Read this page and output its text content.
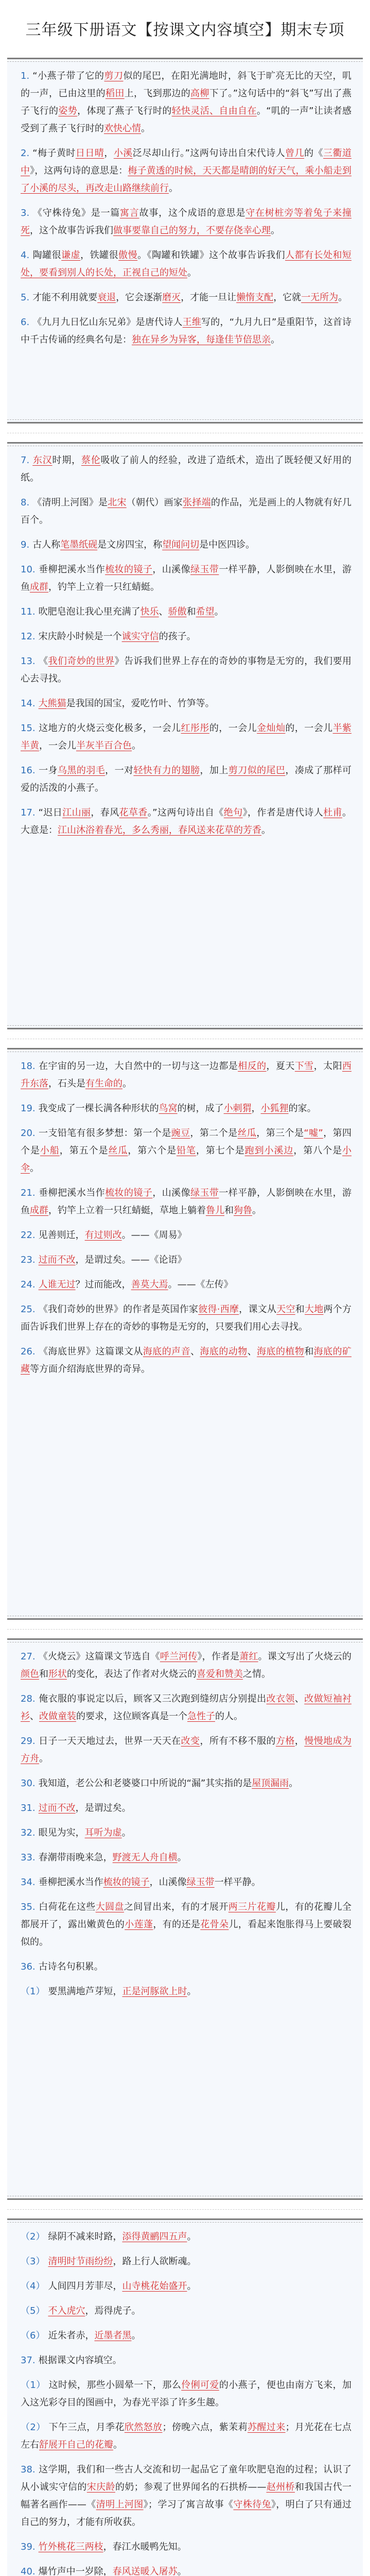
三年级下册语文【按课文内容填空】期末专项

1. “小燕子带了它的剪刀似的尾巴，在阳光满地时，斜飞于旷亮无比的天空，叽的一声，已由这里的稻田上，飞到那边的高柳下了。”这句话中的“斜飞”写出了燕子飞行的姿势，体现了燕子飞行时的轻快灵活、自由自在。“叽的一声”让读者感受到了燕子飞行时的欢快心情。

2. “梅子黄时日日晴，小溪泛尽却山行。”这两句诗出自宋代诗人曾几的《三衢道中》，这两句诗的意思是：梅子黄透的时候，天天都是晴朗的好天气，乘小船走到了小溪的尽头，再改走山路继续前行。

3. 《守株待兔》是一篇寓言故事，这个成语的意思是守在树桩旁等着兔子来撞死，这个故事告诉我们做事要靠自己的努力，不要存侥幸心理。

4. 陶罐很谦虚，铁罐很傲慢。《陶罐和铁罐》这个故事告诉我们人都有长处和短处，要看到别人的长处，正视自己的短处。

5. 才能不利用就要衰退，它会逐渐磨灭，才能一旦让懒惰支配，它就一无所为。

6. 《九月九日忆山东兄弟》是唐代诗人王维写的，“九月九日”是重阳节，这首诗中千古传诵的经典名句是：独在异乡为异客，每逢佳节倍思亲。

7. 东汉时期，蔡伦吸收了前人的经验，改进了造纸术，造出了既轻便又好用的纸。

8. 《清明上河图》是北宋（朝代）画家张择端的作品，光是画上的人物就有好几百个。

9. 古人称笔墨纸砚是文房四宝，称望闻问切是中医四诊。

10. 垂柳把溪水当作梳妆的镜子，山溪像绿玉带一样平静，人影倒映在水里，游鱼成群，钓竿上立着一只红蜻蜓。

11. 吹肥皂泡让我心里充满了快乐、骄傲和希望。

12. 宋庆龄小时候是一个诚实守信的孩子。

13. 《我们奇妙的世界》告诉我们世界上存在的奇妙的事物是无穷的，我们要用心去寻找。

14. 大熊猫是我国的国宝，爱吃竹叶、竹笋等。

15. 这地方的火烧云变化极多，一会儿红彤彤的，一会儿金灿灿的，一会儿半紫半黄，一会儿半灰半百合色。

16. 一身乌黑的羽毛，一对轻快有力的翅膀，加上剪刀似的尾巴，凑成了那样可爱的活泼的小燕子。

17. “迟日江山丽，春风花草香。”这两句诗出自《绝句》，作者是唐代诗人杜甫。大意是：江山沐浴着春光，多么秀丽，春风送来花草的芳香。

18. 在宇宙的另一边，大自然中的一切与这一边都是相反的，夏天下雪，太阳西升东落，石头是有生命的。

19. 我变成了一棵长满各种形状的鸟窝的树，成了小刺猬，小狐狸的家。

20. 一支铅笔有很多梦想：第一个是豌豆，第二个是丝瓜，第三个是“嘘”，第四个是小船，第五个是丝瓜，第六个是铅笔，第七个是跑到小溪边，第八个是小伞。

21. 垂柳把溪水当作梳妆的镜子，山溪像绿玉带一样平静，人影倒映在水里，游鱼成群，钓竿上立着一只红蜻蜓，草地上躺着鲁儿和狗鲁。

22. 见善则迁，有过则改。——《周易》

23. 过而不改，是谓过矣。——《论语》

24. 人谁无过？过而能改，善莫大焉。——《左传》

25. 《我们奇妙的世界》的作者是英国作家彼得·西摩，课文从天空和大地两个方面告诉我们世界上存在的奇妙的事物是无穷的，只要我们用心去寻找。

26. 《海底世界》这篇课文从海底的声音、海底的动物、海底的植物和海底的矿藏等方面介绍海底世界的奇异。

27. 《火烧云》这篇课文节选自《呼兰河传》，作者是萧红。课文写出了火烧云的颜色和形状的变化，表达了作者对火烧云的喜爱和赞美之情。

28. 俺衣服的事说定以后，顾客又三次跑到缝纫店分别提出改衣领、改做短袖衬衫、改做童装的要求，这位顾客真是一个急性子的人。

29. 日子一天天地过去，世界一天天在改变，所有不移不服的方格，慢慢地成为方舟。

30. 我知道，老公公和老婆婆口中所说的“漏”其实指的是屋顶漏雨。

31. 过而不改，是谓过矣。

32. 眼见为实，耳听为虚。

33. 春潮带雨晚来急，野渡无人舟自横。

34. 垂柳把溪水当作梳妆的镜子，山溪像绿玉带一样平静。

35. 白荷花在这些大圆盘之间冒出来，有的才展开两三片花瓣儿，有的花瓣儿全都展开了，露出嫩黄色的小莲蓬，有的还是花骨朵儿，看起来饱胀得马上要破裂似的。

36. 古诗名句积累。

（1） 要黑满地芦芽短，正是河豚欲上时。

（2） 绿阴不减来时路，添得黄鹂四五声。

（3） 清明时节雨纷纷，路上行人欲断魂。

（4） 人间四月芳菲尽，山寺桃花始盛开。

（5） 不入虎穴，焉得虎子。

（6） 近朱者赤，近墨者黑。

37. 根据课文内容填空。

（1） 这时候，那些小圆晕一下，那么伶俐可爱的小燕子，便也由南方飞来，加入这光彩夺目的图画中，为春光平添了许多生趣。

（2） 下午三点，月季花欣然怒放；傍晚六点，紫茉莉苏醒过来；月光花在七点左右舒展开自己的花瓣。

38. 这学期，我们和一些古人交流和切一起品它了童年吹肥皂泡的过程；认识了从小诚实守信的宋庆龄的奶；参观了世界闻名的石拱桥——赵州桥和我国古代一幅著名画作——《清明上河图》；学习了寓言故事《守株待兔》，明白了只有通过自己的努力，才能有所收获。

39. 竹外桃花三两枝，春江水暖鸭先知。

40. 爆竹声中一岁除，春风送暖入屠苏。
